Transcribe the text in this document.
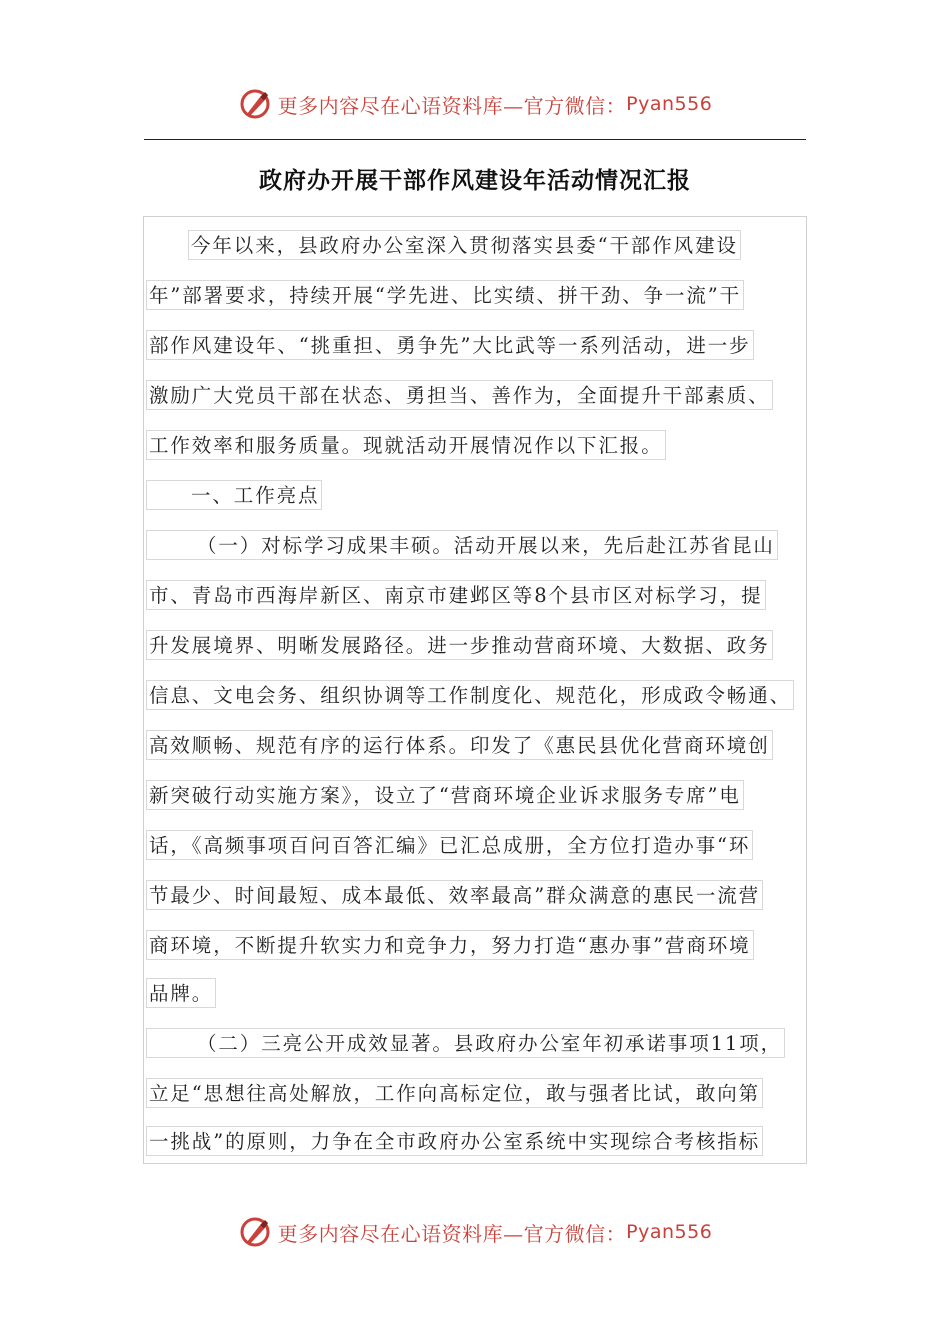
更多内容尽在心语资料库—官方微信： Pyan556
政府办开展干部作风建设年活动情况汇报
今年以来，县政府办公室深入贯彻落实县委“干部作风建设
年”部署要求，持续开展“学先进、比实绩、拼干劲、争一流”干
部作风建设年、“挑重担、勇争先”大比武等一系列活动，进一步
激励广大党员干部在状态、勇担当、善作为，全面提升干部素质、
工作效率和服务质量。现就活动开展情况作以下汇报。
一、工作亮点
（一）对标学习成果丰硕。活动开展以来，先后赴江苏省昆山
市、青岛市西海岸新区、南京市建邺区等8个县市区对标学习，提
升发展境界、明晰发展路径。进一步推动营商环境、大数据、政务
信息、文电会务、组织协调等工作制度化、规范化，形成政令畅通、
高效顺畅、规范有序的运行体系。印发了《惠民县优化营商环境创
新突破行动实施方案》，设立了“营商环境企业诉求服务专席”电
话，《高频事项百问百答汇编》已汇总成册，全方位打造办事“环
节最少、时间最短、成本最低、效率最高”群众满意的惠民一流营
商环境，不断提升软实力和竞争力，努力打造“惠办事”营商环境
品牌。
（二）三亮公开成效显著。县政府办公室年初承诺事项11项，
立足“思想往高处解放，工作向高标定位，敢与强者比试，敢向第
一挑战”的原则，力争在全市政府办公室系统中实现综合考核指标
更多内容尽在心语资料库—官方微信： Pyan556
